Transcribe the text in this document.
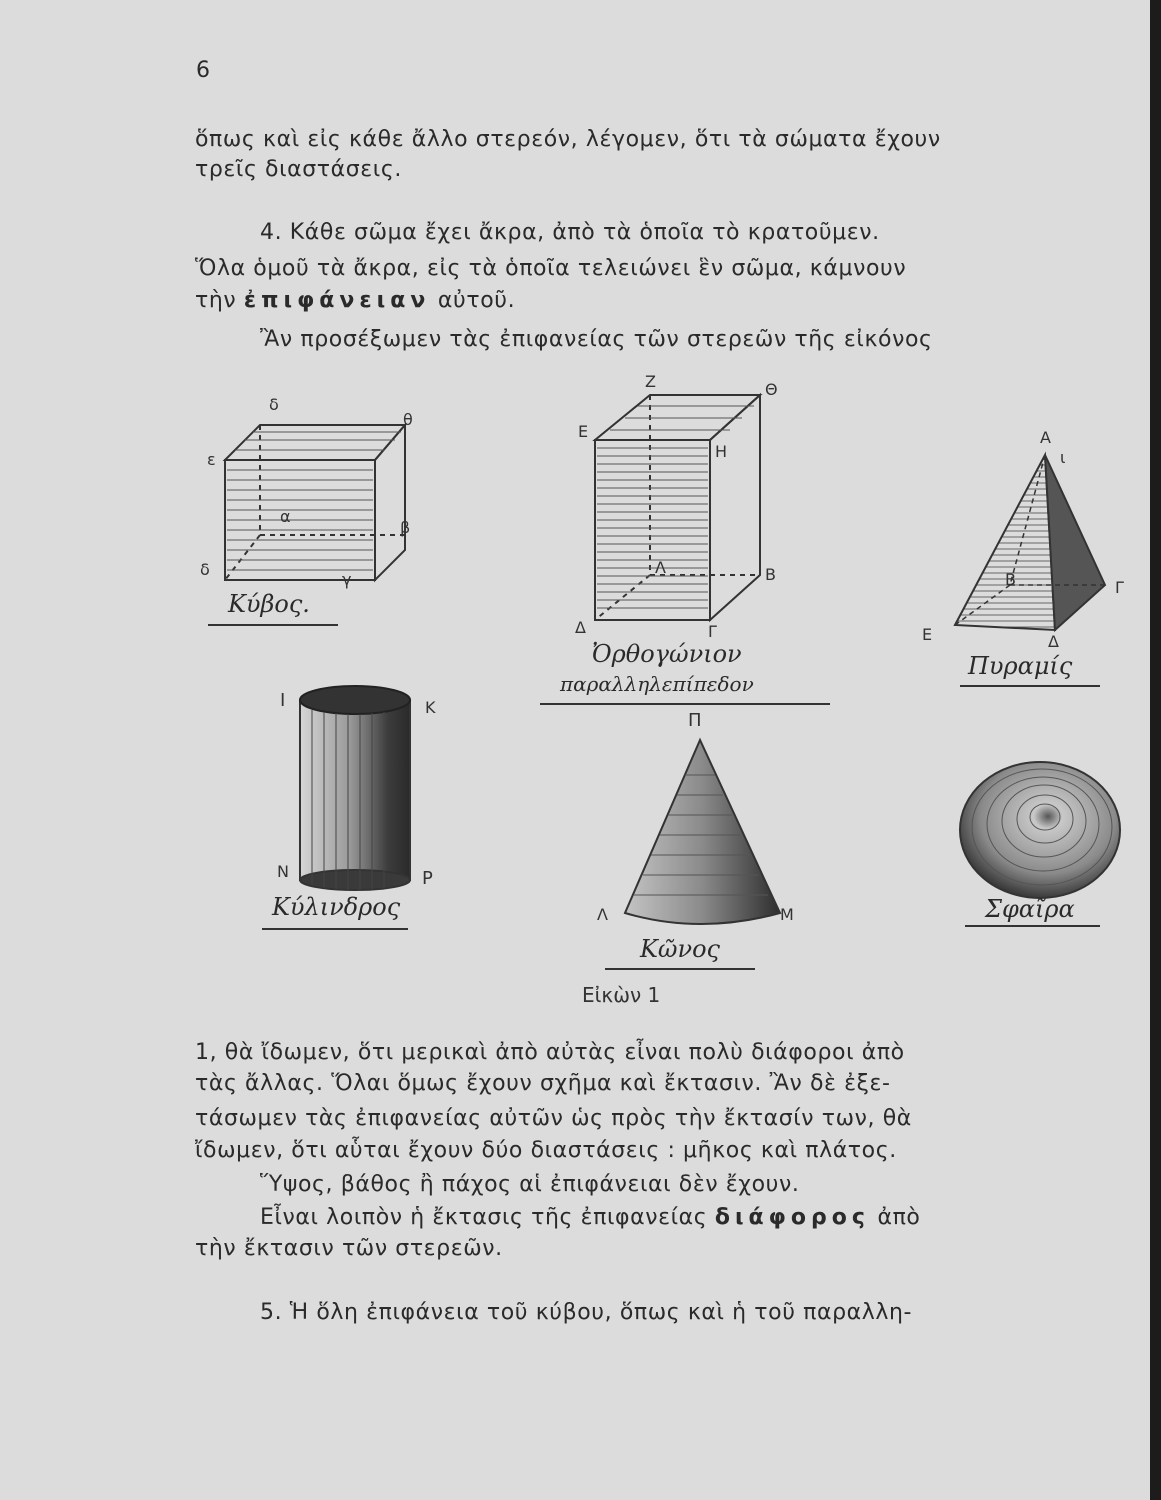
6
ὅπως καὶ εἰς κάθε ἄλλο στερεόν, λέγομεν, ὅτι τὰ σώματα ἔχουν
τρεῖς διαστάσεις.
4. Κάθε σῶμα ἔχει ἄκρα, ἀπὸ τὰ ὁποῖα τὸ κρατοῦμεν.
Ὅλα ὁμοῦ τὰ ἄκρα, εἰς τὰ ὁποῖα τελειώνει ἓν σῶμα, κάμνουν
τὴν ἐπιφάνειαν αὐτοῦ.
Ἂν προσέξωμεν τὰς ἐπιφανείας τῶν στερεῶν τῆς εἰκόνος
δ
θ
ε
α
β
δ
γ
Κύβος.
Ζ	Θ
Ε
Η
Λ	Β
Δ	Γ
Ὀρθογώνιον
παραλληλεπίπεδον
Α
ι
Β	Γ
Ε	Δ
Πυραμίς
Ι	Κ
Ν	Ρ
Κύλινδρος
Π
Λ	Μ
Κῶνος
Σφαῖρα
Εἰκὼν 1
1, θὰ ἴδωμεν, ὅτι μερικαὶ ἀπὸ αὐτὰς εἶναι πολὺ διάφοροι ἀπὸ
τὰς ἄλλας. Ὅλαι ὅμως ἔχουν σχῆμα καὶ ἔκτασιν. Ἂν δὲ ἐξε-
τάσωμεν τὰς ἐπιφανείας αὐτῶν ὡς πρὸς τὴν ἔκτασίν των, θὰ
ἴδωμεν, ὅτι αὗται ἔχουν δύο διαστάσεις : μῆκος καὶ πλάτος.
Ὕψος, βάθος ἢ πάχος αἱ ἐπιφάνειαι δὲν ἔχουν.
Εἶναι λοιπὸν ἡ ἔκτασις τῆς ἐπιφανείας διάφορος ἀπὸ
τὴν ἔκτασιν τῶν στερεῶν.
5. Ἡ ὅλη ἐπιφάνεια τοῦ κύβου, ὅπως καὶ ἡ τοῦ παραλλη-
